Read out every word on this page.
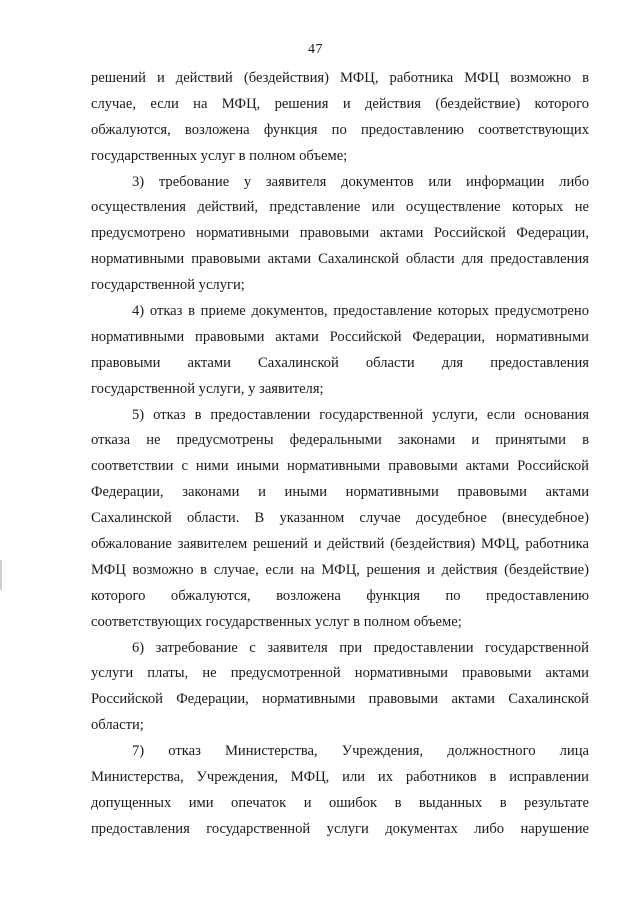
47
решений и действий (бездействия) МФЦ, работника МФЦ возможно в
случае, если на МФЦ, решения и действия (бездействие) которого
обжалуются, возложена функция по предоставлению соответствующих
государственных услуг в полном объеме;
3) требование у заявителя документов или информации либо
осуществления действий, представление или осуществление которых не
предусмотрено нормативными правовыми актами Российской Федерации,
нормативными правовыми актами Сахалинской области для предоставления
государственной услуги;
4) отказ в приеме документов, предоставление которых предусмотрено
нормативными правовыми актами Российской Федерации, нормативными
правовыми актами Сахалинской области для предоставления
государственной услуги, у заявителя;
5) отказ в предоставлении государственной услуги, если основания
отказа не предусмотрены федеральными законами и принятыми в
соответствии с ними иными нормативными правовыми актами Российской
Федерации, законами и иными нормативными правовыми актами
Сахалинской области. В указанном случае досудебное (внесудебное)
обжалование заявителем решений и действий (бездействия) МФЦ, работника
МФЦ возможно в случае, если на МФЦ, решения и действия (бездействие)
которого обжалуются, возложена функция по предоставлению
соответствующих государственных услуг в полном объеме;
6) затребование с заявителя при предоставлении государственной
услуги платы, не предусмотренной нормативными правовыми актами
Российской Федерации, нормативными правовыми актами Сахалинской
области;
7) отказ Министерства, Учреждения, должностного лица
Министерства, Учреждения, МФЦ, или их работников в исправлении
допущенных ими опечаток и ошибок в выданных в результате
предоставления государственной услуги документах либо нарушение
